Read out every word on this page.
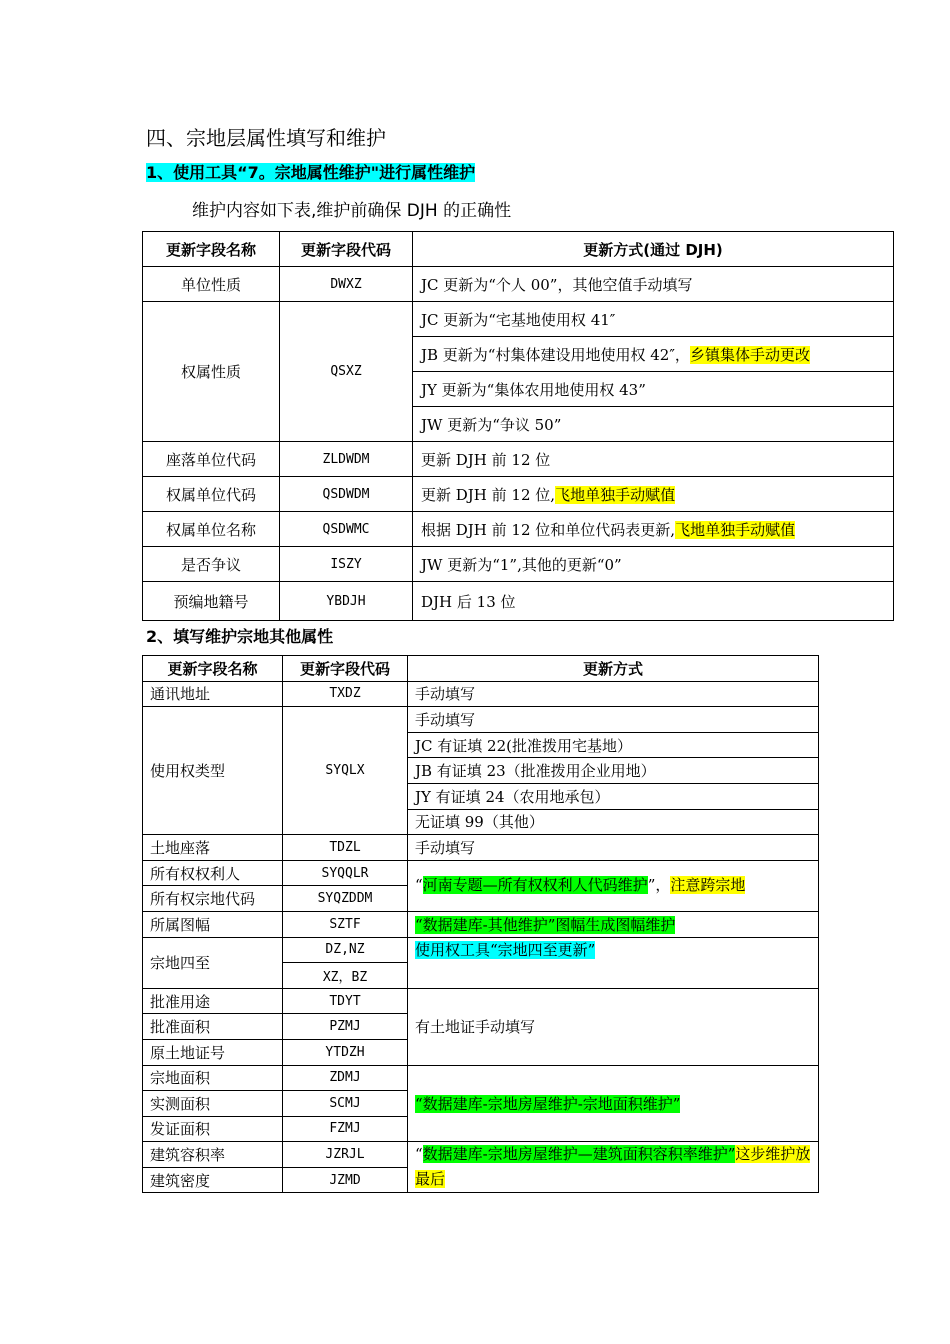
四、宗地层属性填写和维护
1、使用工具“7。宗地属性维护"进行属性维护
维护内容如下表,维护前确保 DJH 的正确性
更新字段名称	更新字段代码	更新方式(通过 DJH)
单位性质	DWXZ	JC 更新为“个人 00”，其他空值手动填写
权属性质	QSXZ	JC 更新为“宅基地使用权 41″
		JB 更新为“村集体建设用地使用权 42″，乡镇集体手动更改
		JY 更新为“集体农用地使用权 43”
		JW 更新为“争议 50”
座落单位代码	ZLDWDM	更新 DJH 前 12 位
权属单位代码	QSDWDM	更新 DJH 前 12 位,飞地单独手动赋值
权属单位名称	QSDWMC	根据 DJH 前 12 位和单位代码表更新,飞地单独手动赋值
是否争议	ISZY	JW 更新为“1”,其他的更新“0”
预编地籍号	YBDJH	DJH 后 13 位
2、填写维护宗地其他属性
更新字段名称	更新字段代码	更新方式
通讯地址	TXDZ	手动填写
使用权类型	SYQLX	手动填写
		JC 有证填 22(批准拨用宅基地）
		JB 有证填 23（批准拨用企业用地）
		JY 有证填 24（农用地承包）
		无证填 99（其他）
土地座落	TDZL	手动填写
所有权权利人	SYQQLR	“河南专题—所有权权利人代码维护”，注意跨宗地
所有权宗地代码	SYQZDDM	
所属图幅	SZTF	“数据建库-其他维护”图幅生成图幅维护
宗地四至	DZ,NZ	使用权工具“宗地四至更新”
	XZ，BZ	
批准用途	TDYT	有土地证手动填写
批准面积	PZMJ	
原土地证号	YTDZH	
宗地面积	ZDMJ	“数据建库-宗地房屋维护-宗地面积维护”
实测面积	SCMJ	
发证面积	FZMJ	
建筑容积率	JZRJL	“数据建库-宗地房屋维护—建筑面积容积率维护”这步维护放最后
建筑密度	JZMD	
